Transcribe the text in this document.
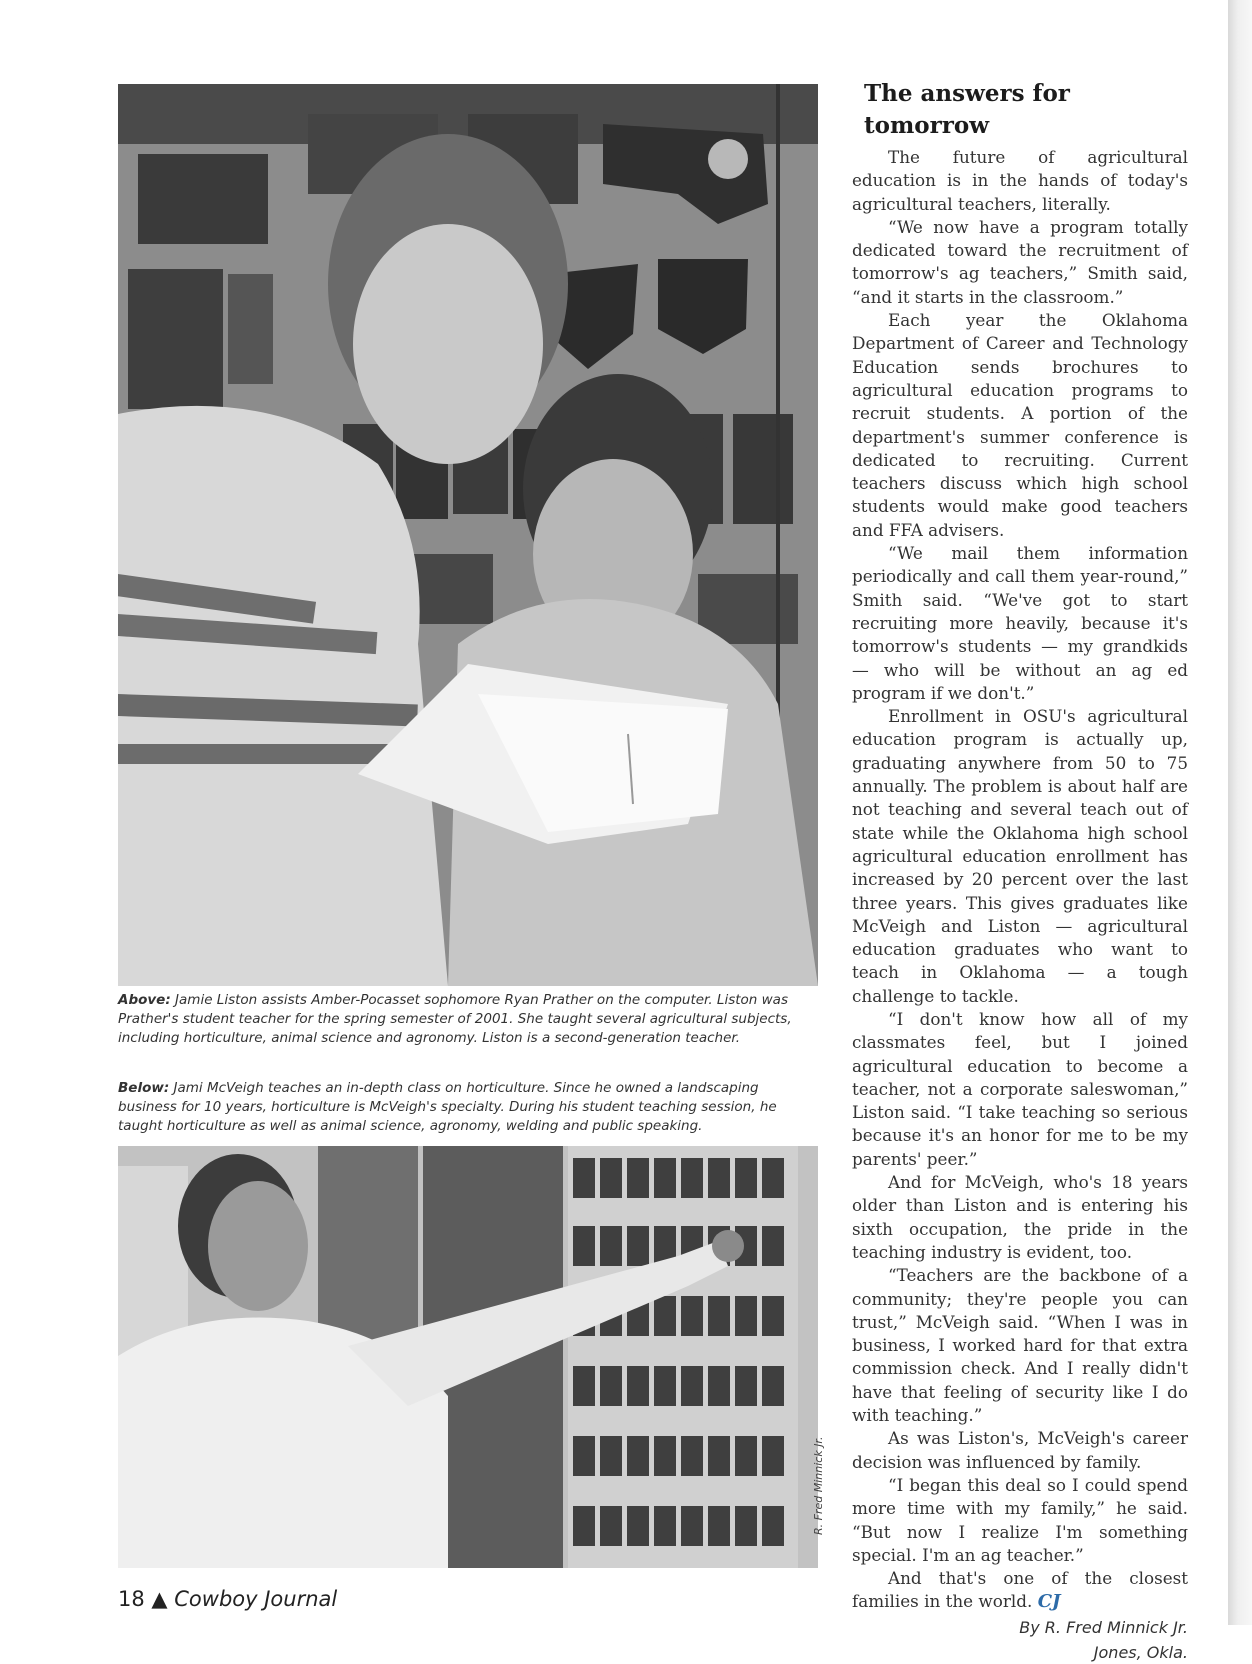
Above: Jamie Liston assists Amber-Pocasset sophomore Ryan Prather on the computer. Liston was Prather's student teacher for the spring semester of 2001. She taught several agricultural subjects, including horticulture, animal science and agronomy. Liston is a second-generation teacher.
Below: Jami McVeigh teaches an in-depth class on horticulture. Since he owned a landscaping business for 10 years, horticulture is McVeigh's specialty. During his student teaching session, he taught horticulture as well as animal science, agronomy, welding and public speaking.
R. Fred Minnick Jr.
The answers for tomorrow

The future of agricultural education is in the hands of today's agricultural teachers, literally.

“We now have a program totally dedicated toward the recruitment of tomorrow's ag teachers,” Smith said, “and it starts in the classroom.”

Each year the Oklahoma Department of Career and Technology Education sends brochures to agricultural education programs to recruit students. A portion of the department's summer conference is dedicated to recruiting. Current teachers discuss which high school students would make good teachers and FFA advisers.

“We mail them information periodically and call them year-round,” Smith said. “We've got to start recruiting more heavily, because it's tomorrow's students — my grandkids — who will be without an ag ed program if we don't.”

Enrollment in OSU's agricultural education program is actually up, graduating anywhere from 50 to 75 annually. The problem is about half are not teaching and several teach out of state while the Oklahoma high school agricultural education enrollment has increased by 20 percent over the last three years. This gives graduates like McVeigh and Liston — agricultural education graduates who want to teach in Oklahoma — a tough challenge to tackle.

“I don't know how all of my classmates feel, but I joined agricultural education to become a teacher, not a corporate saleswoman,” Liston said. “I take teaching so serious because it's an honor for me to be my parents' peer.”

And for McVeigh, who's 18 years older than Liston and is entering his sixth occupation, the pride in the teaching industry is evident, too.

“Teachers are the backbone of a community; they're people you can trust,” McVeigh said. “When I was in business, I worked hard for that extra commission check. And I really didn't have that feeling of security like I do with teaching.”

As was Liston's, McVeigh's career decision was influenced by family.

“I began this deal so I could spend more time with my family,” he said. “But now I realize I'm something special. I'm an ag teacher.”

And that's one of the closest families in the world. CJ

By R. Fred Minnick Jr.
Jones, Okla.
18 ▲ Cowboy Journal
